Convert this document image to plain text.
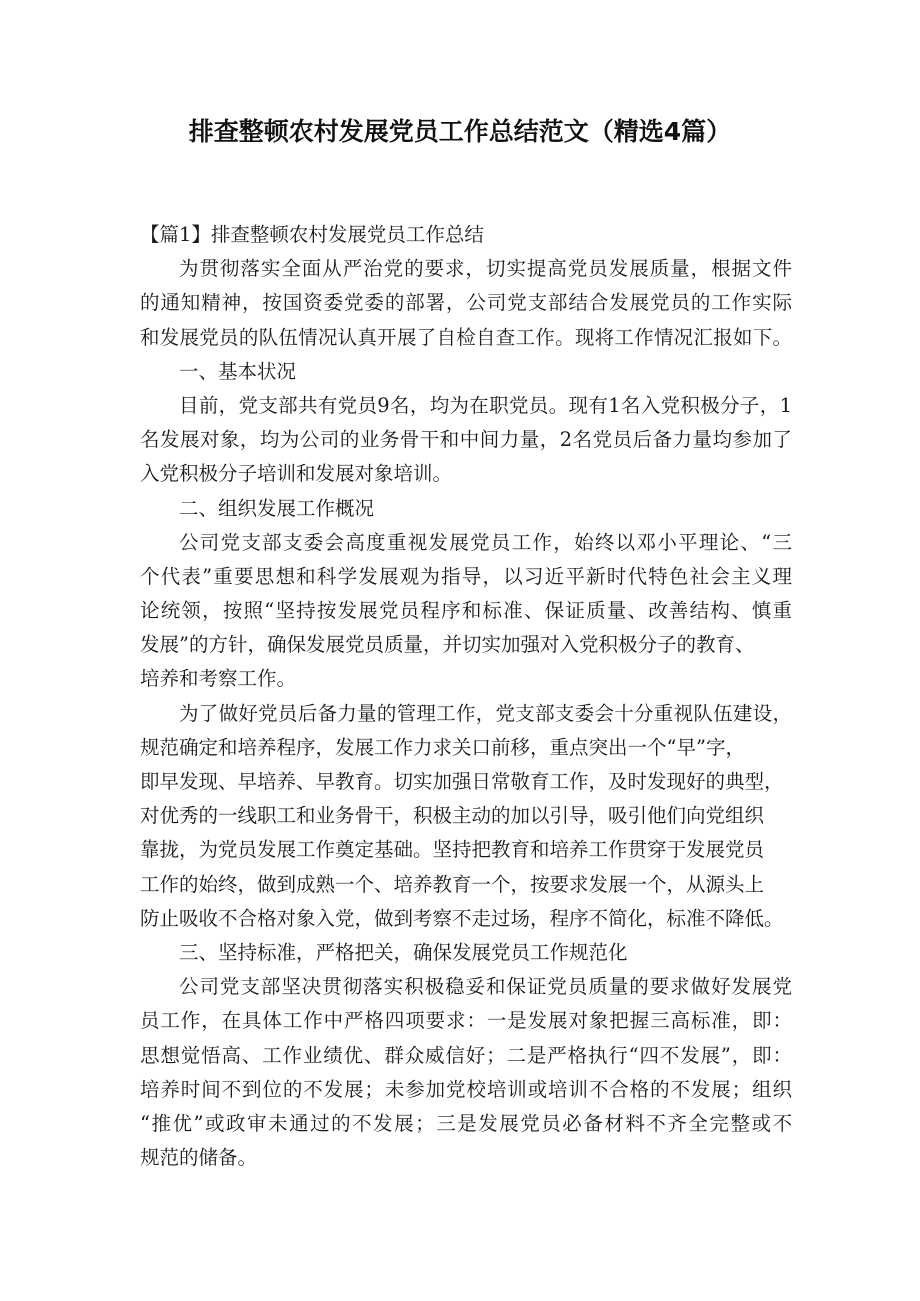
排查整顿农村发展党员工作总结范文（精选4篇）
【篇1】排查整顿农村发展党员工作总结
为贯彻落实全面从严治党的要求，切实提高党员发展质量，根据文件
的通知精神，按国资委党委的部署，公司党支部结合发展党员的工作实际
和发展党员的队伍情况认真开展了自检自查工作。现将工作情况汇报如下。
一、基本状况
目前，党支部共有党员9名，均为在职党员。现有1名入党积极分子，1
名发展对象，均为公司的业务骨干和中间力量，2名党员后备力量均参加了
入党积极分子培训和发展对象培训。
二、组织发展工作概况
公司党支部支委会高度重视发展党员工作，始终以邓小平理论、“三
个代表”重要思想和科学发展观为指导，以习近平新时代特色社会主义理
论统领，按照“坚持按发展党员程序和标准、保证质量、改善结构、慎重
发展”的方针，确保发展党员质量，并切实加强对入党积极分子的教育、
培养和考察工作。
为了做好党员后备力量的管理工作，党支部支委会十分重视队伍建设，
规范确定和培养程序，发展工作力求关口前移，重点突出一个“早”字，
即早发现、早培养、早教育。切实加强日常敬育工作，及时发现好的典型，
对优秀的一线职工和业务骨干，积极主动的加以引导，吸引他们向党组织
靠拢，为党员发展工作奠定基础。坚持把教育和培养工作贯穿于发展党员
工作的始终，做到成熟一个、培养教育一个，按要求发展一个，从源头上
防止吸收不合格对象入党，做到考察不走过场，程序不简化，标准不降低。
三、坚持标准，严格把关，确保发展党员工作规范化
公司党支部坚决贯彻落实积极稳妥和保证党员质量的要求做好发展党
员工作，在具体工作中严格四项要求：一是发展对象把握三高标准，即：
思想觉悟高、工作业绩优、群众威信好；二是严格执行“四不发展”，即：
培养时间不到位的不发展；未参加党校培训或培训不合格的不发展；组织
“推优”或政审未通过的不发展；三是发展党员必备材料不齐全完整或不
规范的储备。
